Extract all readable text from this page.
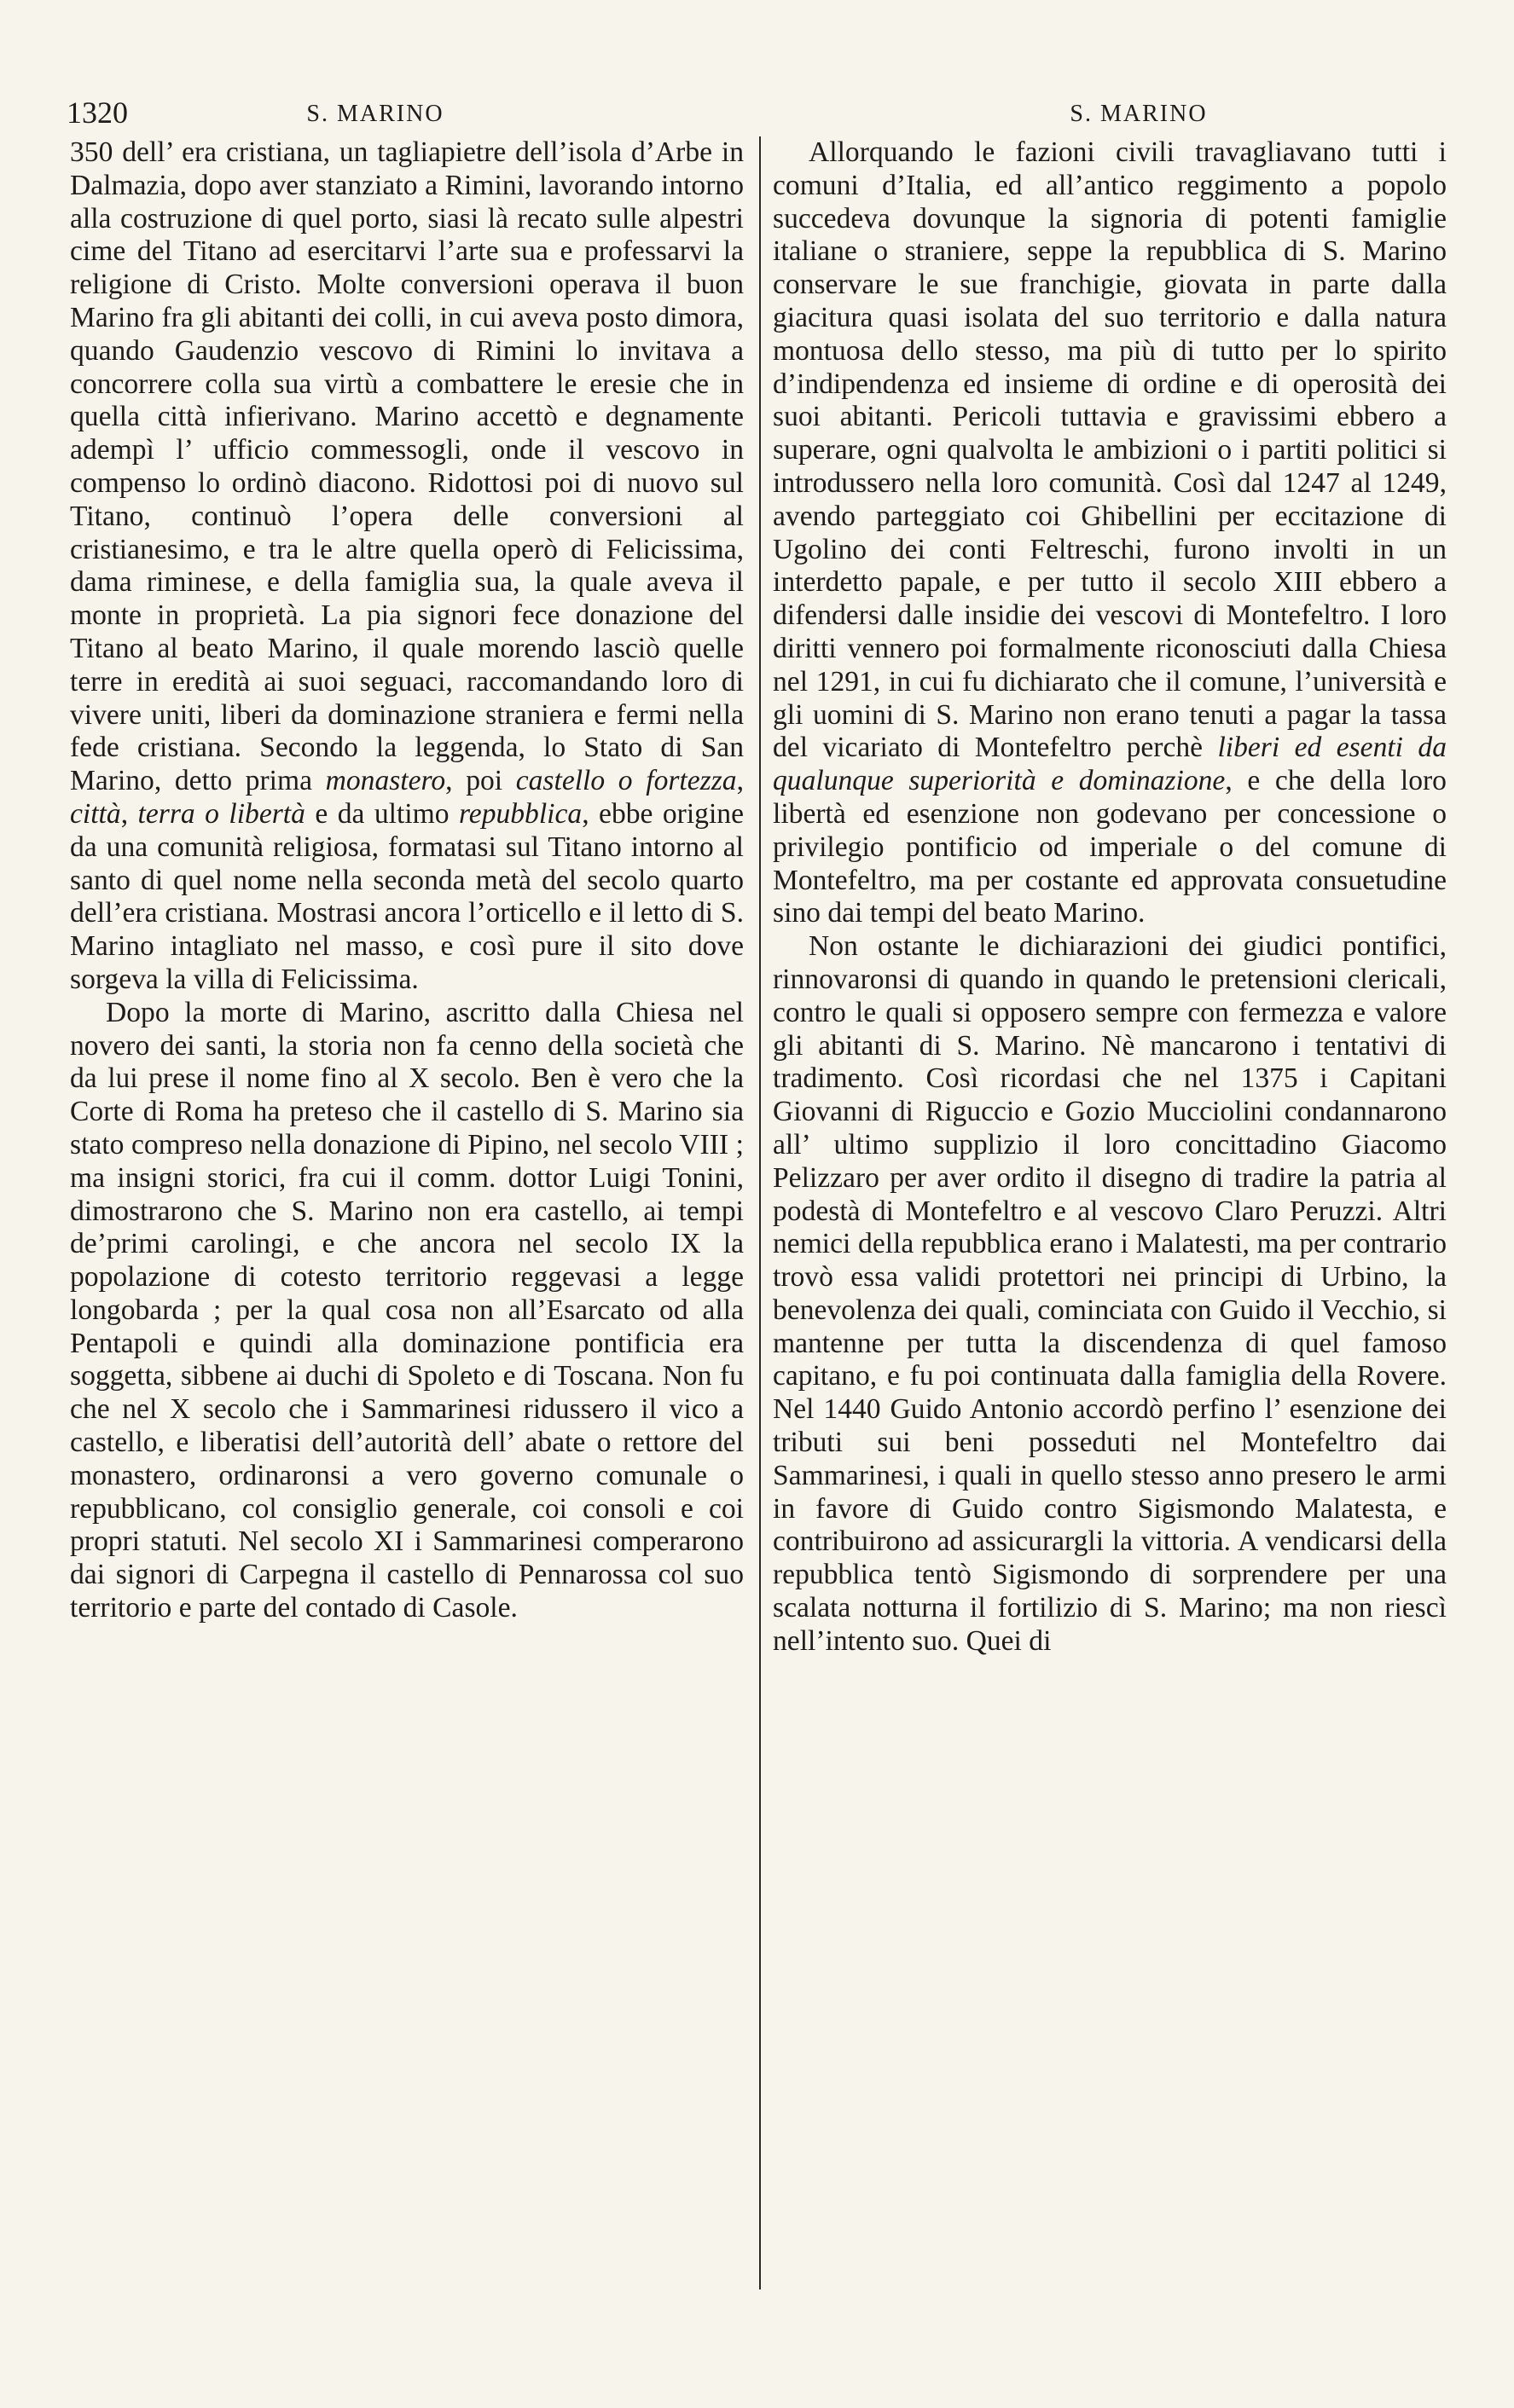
1320	S. MARINO	S. MARINO

350 dell’ era cristiana, un tagliapietre dell’isola d’Arbe in Dalmazia, dopo aver stanziato a Rimini, lavorando intorno alla costruzione di quel porto, siasi là recato sulle alpestri cime del Titano ad esercitarvi l’arte sua e professarvi la religione di Cristo. Molte conversioni operava il buon Marino fra gli abitanti dei colli, in cui aveva posto dimora, quando Gaudenzio vescovo di Rimini lo invitava a concorrere colla sua virtù a combattere le eresie che in quella città infierivano. Marino accettò e degnamente adempì l’ ufficio commessogli, onde il vescovo in compenso lo ordinò diacono. Ridottosi poi di nuovo sul Titano, continuò l’opera delle conversioni al cristianesimo, e tra le altre quella operò di Felicissima, dama riminese, e della famiglia sua, la quale aveva il monte in proprietà. La pia signori fece donazione del Titano al beato Marino, il quale morendo lasciò quelle terre in eredità ai suoi seguaci, raccomandando loro di vivere uniti, liberi da dominazione straniera e fermi nella fede cristiana. Secondo la leggenda, lo Stato di San Marino, detto prima monastero, poi castello o fortezza, città, terra o libertà e da ultimo repubblica, ebbe origine da una comunità religiosa, formatasi sul Titano intorno al santo di quel nome nella seconda metà del secolo quarto dell’era cristiana. Mostrasi ancora l’orticello e il letto di S. Marino intagliato nel masso, e così pure il sito dove sorgeva la villa di Felicissima.

Dopo la morte di Marino, ascritto dalla Chiesa nel novero dei santi, la storia non fa cenno della società che da lui prese il nome fino al X secolo. Ben è vero che la Corte di Roma ha preteso che il castello di S. Marino sia stato compreso nella donazione di Pipino, nel secolo VIII ; ma insigni storici, fra cui il comm. dottor Luigi Tonini, dimostrarono che S. Marino non era castello, ai tempi de’primi carolingi, e che ancora nel secolo IX la popolazione di cotesto territorio reggevasi a legge longobarda ; per la qual cosa non all’Esarcato od alla Pentapoli e quindi alla dominazione pontificia era soggetta, sibbene ai duchi di Spoleto e di Toscana. Non fu che nel X secolo che i Sammarinesi ridussero il vico a castello, e liberatisi dell’autorità dell’ abate o rettore del monastero, ordinaronsi a vero governo comunale o repubblicano, col consiglio generale, coi consoli e coi propri statuti. Nel secolo XI i Sammarinesi comperarono dai signori di Carpegna il castello di Pennarossa col suo territorio e parte del contado di Casole.

Allorquando le fazioni civili travagliavano tutti i comuni d’Italia, ed all’antico reggimento a popolo succedeva dovunque la signoria di potenti famiglie italiane o straniere, seppe la repubblica di S. Marino conservare le sue franchigie, giovata in parte dalla giacitura quasi isolata del suo territorio e dalla natura montuosa dello stesso, ma più di tutto per lo spirito d’indipendenza ed insieme di ordine e di operosità dei suoi abitanti. Pericoli tuttavia e gravissimi ebbero a superare, ogni qualvolta le ambizioni o i partiti politici si introdussero nella loro comunità. Così dal 1247 al 1249, avendo parteggiato coi Ghibellini per eccitazione di Ugolino dei conti Feltreschi, furono involti in un interdetto papale, e per tutto il secolo XIII ebbero a difendersi dalle insidie dei vescovi di Montefeltro. I loro diritti vennero poi formalmente riconosciuti dalla Chiesa nel 1291, in cui fu dichiarato che il comune, l’università e gli uomini di S. Marino non erano tenuti a pagar la tassa del vicariato di Montefeltro perchè liberi ed esenti da qualunque superiorità e dominazione, e che della loro libertà ed esenzione non godevano per concessione o privilegio pontificio od imperiale o del comune di Montefeltro, ma per costante ed approvata consuetudine sino dai tempi del beato Marino.

Non ostante le dichiarazioni dei giudici pontifici, rinnovaronsi di quando in quando le pretensioni clericali, contro le quali si opposero sempre con fermezza e valore gli abitanti di S. Marino. Nè mancarono i tentativi di tradimento. Così ricordasi che nel 1375 i Capitani Giovanni di Riguccio e Gozio Mucciolini condannarono all’ ultimo supplizio il loro concittadino Giacomo Pelizzaro per aver ordito il disegno di tradire la patria al podestà di Montefeltro e al vescovo Claro Peruzzi. Altri nemici della repubblica erano i Malatesti, ma per contrario trovò essa validi protettori nei principi di Urbino, la benevolenza dei quali, cominciata con Guido il Vecchio, si mantenne per tutta la discendenza di quel famoso capitano, e fu poi continuata dalla famiglia della Rovere. Nel 1440 Guido Antonio accordò perfino l’ esenzione dei tributi sui beni posseduti nel Montefeltro dai Sammarinesi, i quali in quello stesso anno presero le armi in favore di Guido contro Sigismondo Malatesta, e contribuirono ad assicurargli la vittoria. A vendicarsi della repubblica tentò Sigismondo di sorprendere per una scalata notturna il fortilizio di S. Marino; ma non riescì nell’intento suo. Quei di
